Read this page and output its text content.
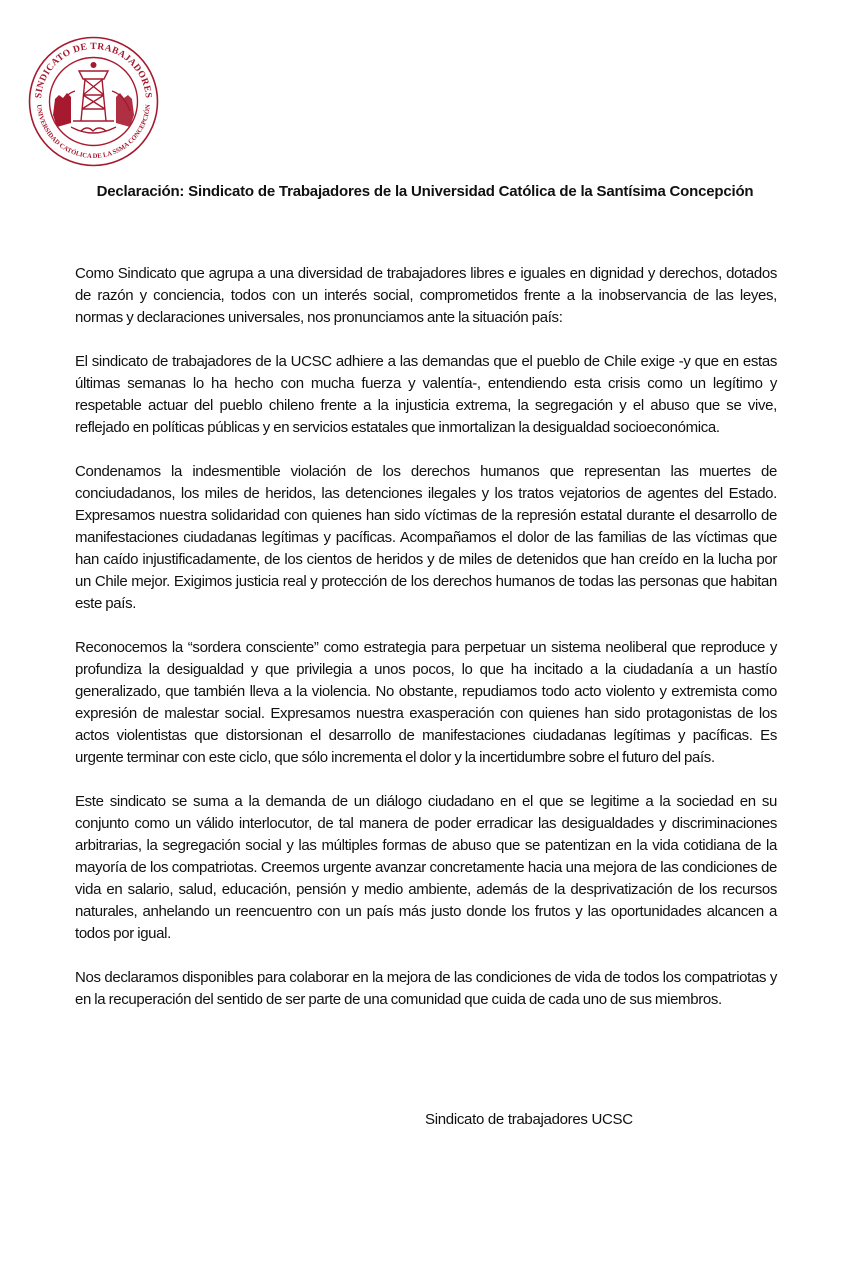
SINDICATO DE TRABAJADORES
UNIVERSIDAD CATÓLICA DE LA SSMA CONCEPCIÓN
Declaración: Sindicato de Trabajadores de la Universidad Católica de la Santísima Concepción

Como Sindicato que agrupa a una diversidad de trabajadores libres e iguales en dignidad y derechos, dotados de razón y conciencia, todos con un interés social, comprometidos frente a la inobservancia de las leyes, normas y declaraciones universales, nos pronunciamos ante la situación país:

El sindicato de trabajadores de la UCSC adhiere a las demandas que el pueblo de Chile exige -y que en estas últimas semanas lo ha hecho con mucha fuerza y valentía-, entendiendo esta crisis como un legítimo y respetable actuar del pueblo chileno frente a la injusticia extrema, la segregación y el abuso que se vive, reflejado en políticas públicas y en servicios estatales que inmortalizan la desigualdad socioeconómica.

Condenamos la indesmentible violación de los derechos humanos que representan las muertes de conciudadanos, los miles de heridos, las detenciones ilegales y los tratos vejatorios de agentes del Estado. Expresamos nuestra solidaridad con quienes han sido víctimas de la represión estatal durante el desarrollo de manifestaciones ciudadanas legítimas y pacíficas. Acompañamos el dolor de las familias de las víctimas que han caído injustificadamente, de los cientos de heridos y de miles de detenidos que han creído en la lucha por un Chile mejor. Exigimos justicia real y protección de los derechos humanos de todas las personas que habitan este país.

Reconocemos la “sordera consciente” como estrategia para perpetuar un sistema neoliberal que reproduce y profundiza la desigualdad y que privilegia a unos pocos, lo que ha incitado a la ciudadanía a un hastío generalizado, que también lleva a la violencia. No obstante, repudiamos todo acto violento y extremista como expresión de malestar social. Expresamos nuestra exasperación con quienes han sido protagonistas de los actos violentistas que distorsionan el desarrollo de manifestaciones ciudadanas legítimas y pacíficas. Es urgente terminar con este ciclo, que sólo incrementa el dolor y la incertidumbre sobre el futuro del país.

Este sindicato se suma a la demanda de un diálogo ciudadano en el que se legitime a la sociedad en su conjunto como un válido interlocutor, de tal manera de poder erradicar las desigualdades y discriminaciones arbitrarias, la segregación social y las múltiples formas de abuso que se patentizan en la vida cotidiana de la mayoría de los compatriotas. Creemos urgente avanzar concretamente hacia una mejora de las condiciones de vida en salario, salud, educación, pensión y medio ambiente, además de la desprivatización de los recursos naturales, anhelando un reencuentro con un país más justo donde los frutos y las oportunidades alcancen a todos por igual.

Nos declaramos disponibles para colaborar en la mejora de las condiciones de vida de todos los compatriotas y en la recuperación del sentido de ser parte de una comunidad que cuida de cada uno de sus miembros.

Sindicato de trabajadores UCSC
